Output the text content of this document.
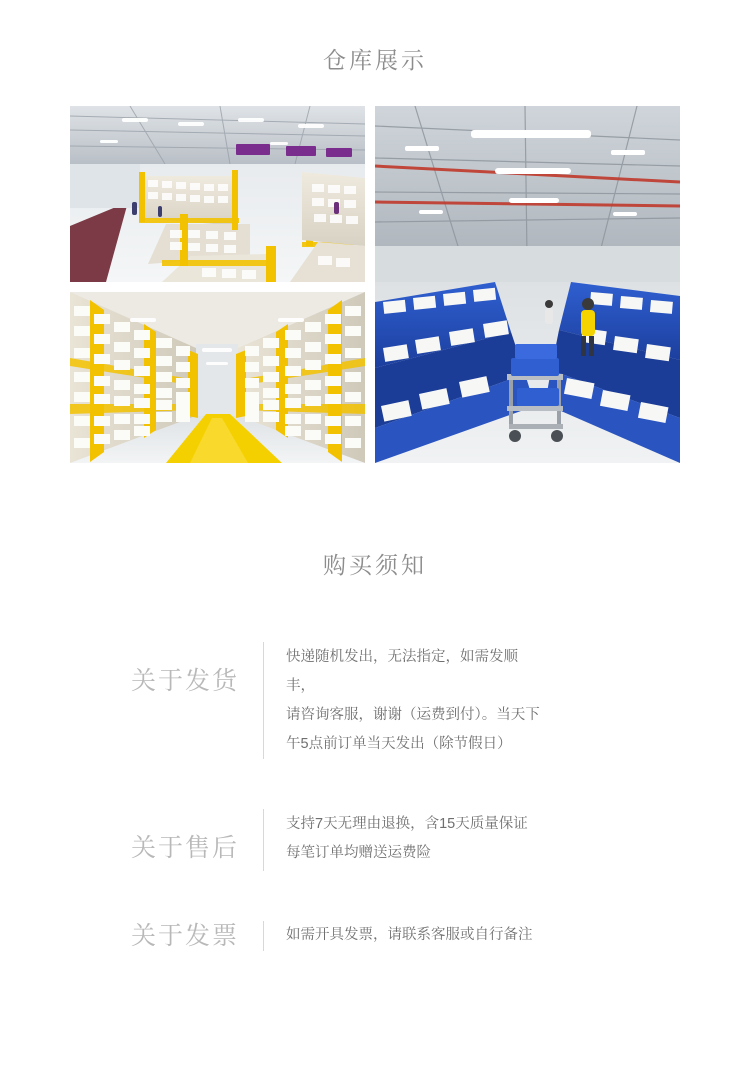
仓库展示
购买须知
关于发货

快递随机发出，无法指定，如需发顺丰，

请咨询客服，谢谢（运费到付）。当天下

午5点前订单当天发出（除节假日）

关于售后

支持7天无理由退换，含15天质量保证

每笔订单均赠送运费险

关于发票	如需开具发票，请联系客服或自行备注
